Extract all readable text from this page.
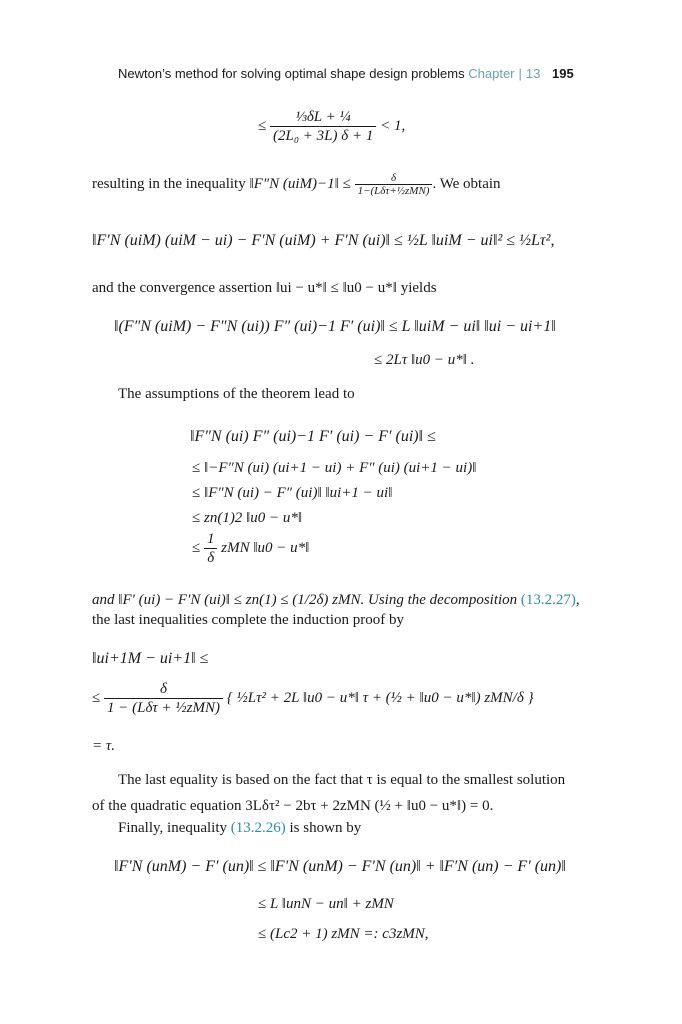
Newton’s method for solving optimal shape design problems Chapter | 13 195
≤ $\frac{\text{⅓δL + ¼}}{\text{(2L₀ + 3L) δ + 1}} < 1$,
resulting in the inequality ‖F″N (uiM)−1‖ ≤ $\frac{\delta}{\text{1−(Lδτ+½zMN)}}$ . We obtain
‖F′N (uiM) (uiM − ui) − F′N (uiM) + F′N (ui)‖ ≤ ½L ‖uiM − ui‖² ≤ ½Lτ²,
and the convergence assertion ‖ui − u*‖ ≤ ‖u0 − u*‖ yields
‖(F″N (uiM) − F″N (ui)) F″ (ui)−1 F′ (ui)‖ ≤ L ‖uiM − ui‖ ‖ui − ui+1‖
≤ 2Lτ ‖u0 − u*‖ .
The assumptions of the theorem lead to
‖F″N (ui) F″ (ui)−1 F′ (ui) − F′ (ui)‖ ≤
≤ ‖−F″N (ui) (ui+1 − ui) + F″ (ui) (ui+1 − ui)‖
≤ ‖F″N (ui) − F″ (ui)‖ ‖ui+1 − ui‖
≤ zn(1)2 ‖u0 − u*‖
≤ $\frac{1}{\delta}$ zMN ‖u0 − u*‖
and ‖F′ (ui) − F′N (ui)‖ ≤ zn(1) ≤ (1/2δ) zMN. Using the decomposition (13.2.27),
the last inequalities complete the induction proof by
‖ui+1M − ui+1‖ ≤
≤ $\frac{\delta}{\text{1 − (Lδτ + ½zMN)}}$ { ½Lτ² + 2L ‖u0 − u*‖ τ + (½ + ‖u0 − u*‖) zMN/δ }
= τ.
The last equality is based on the fact that τ is equal to the smallest solution
of the quadratic equation 3Lδτ² − 2bτ + 2zMN (½ + ‖u0 − u*‖) = 0.
Finally, inequality (13.2.26) is shown by
‖F′N (unM) − F′ (un)‖ ≤ ‖F′N (unM) − F′N (un)‖ + ‖F′N (un) − F′ (un)‖
≤ L ‖unN − un‖ + zMN
≤ (Lc2 + 1) zMN =: c3zMN,
